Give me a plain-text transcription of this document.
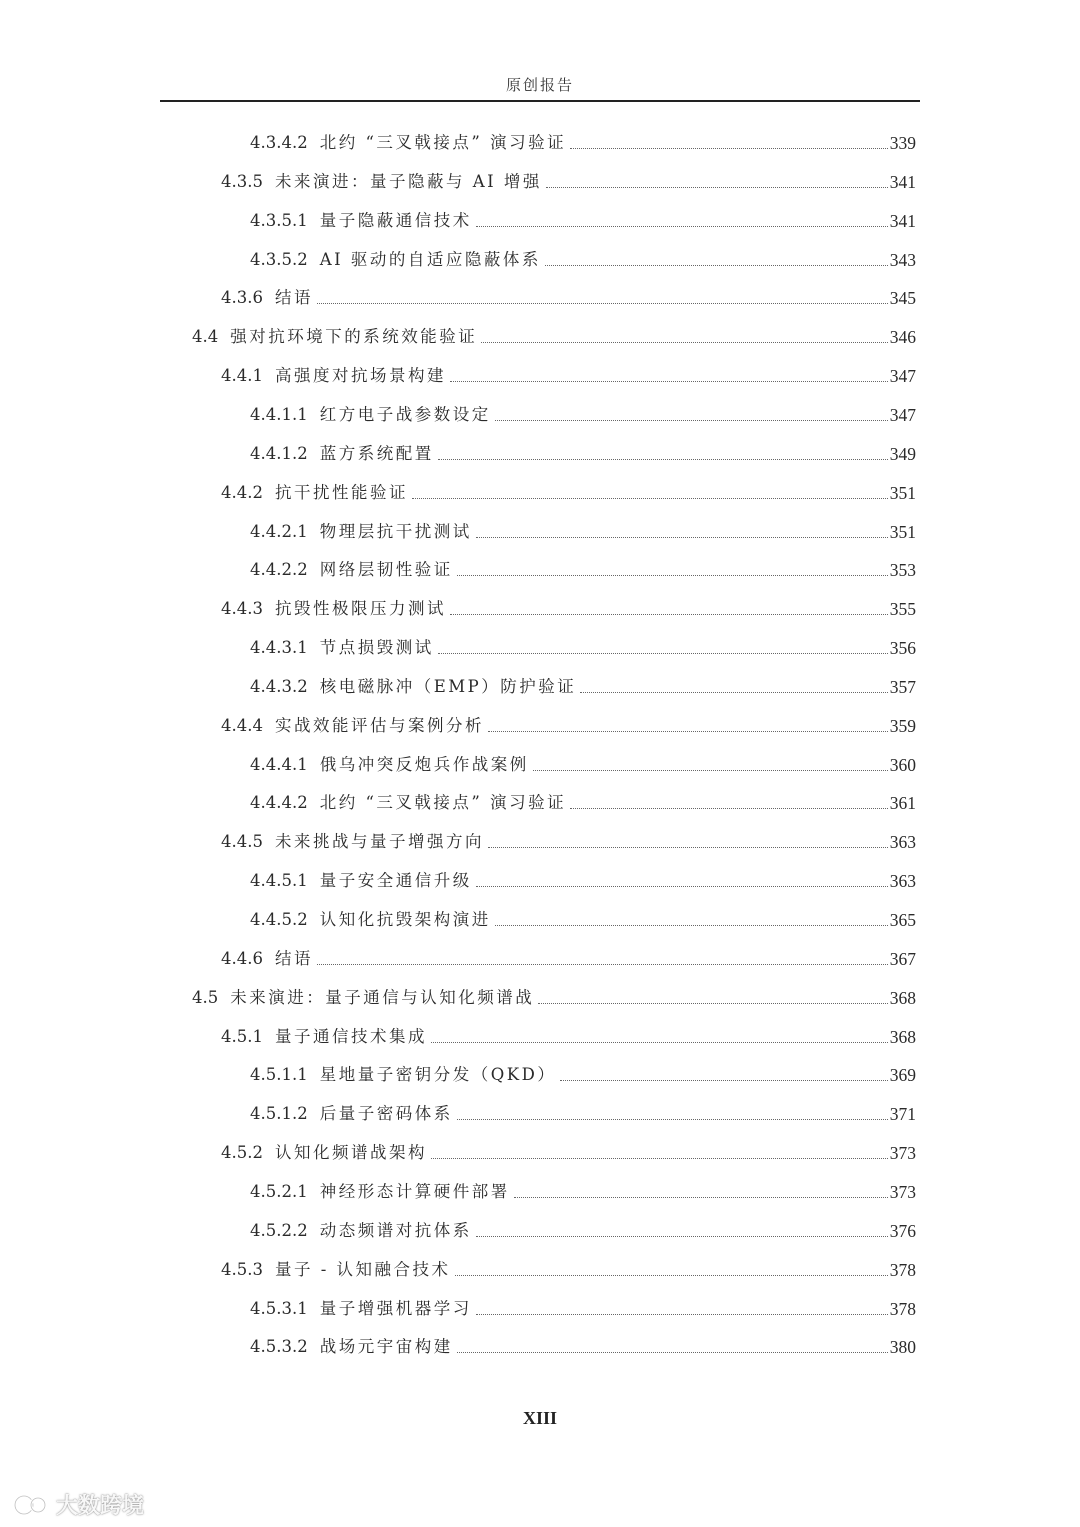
原创报告
4.3.4.2 北约 “三叉戟接点” 演习验证	339
4.3.5 未来演进：量子隐蔽与 AI 增强	341
4.3.5.1 量子隐蔽通信技术	341
4.3.5.2 AI 驱动的自适应隐蔽体系	343
4.3.6 结语	345
4.4 强对抗环境下的系统效能验证	346
4.4.1 高强度对抗场景构建	347
4.4.1.1 红方电子战参数设定	347
4.4.1.2 蓝方系统配置	349
4.4.2 抗干扰性能验证	351
4.4.2.1 物理层抗干扰测试	351
4.4.2.2 网络层韧性验证	353
4.4.3 抗毁性极限压力测试	355
4.4.3.1 节点损毁测试	356
4.4.3.2 核电磁脉冲（EMP）防护验证	357
4.4.4 实战效能评估与案例分析	359
4.4.4.1 俄乌冲突反炮兵作战案例	360
4.4.4.2 北约 “三叉戟接点” 演习验证	361
4.4.5 未来挑战与量子增强方向	363
4.4.5.1 量子安全通信升级	363
4.4.5.2 认知化抗毁架构演进	365
4.4.6 结语	367
4.5 未来演进：量子通信与认知化频谱战	368
4.5.1 量子通信技术集成	368
4.5.1.1 星地量子密钥分发（QKD）	369
4.5.1.2 后量子密码体系	371
4.5.2 认知化频谱战架构	373
4.5.2.1 神经形态计算硬件部署	373
4.5.2.2 动态频谱对抗体系	376
4.5.3 量子 - 认知融合技术	378
4.5.3.1 量子增强机器学习	378
4.5.3.2 战场元宇宙构建	380
XIII
大数跨境
